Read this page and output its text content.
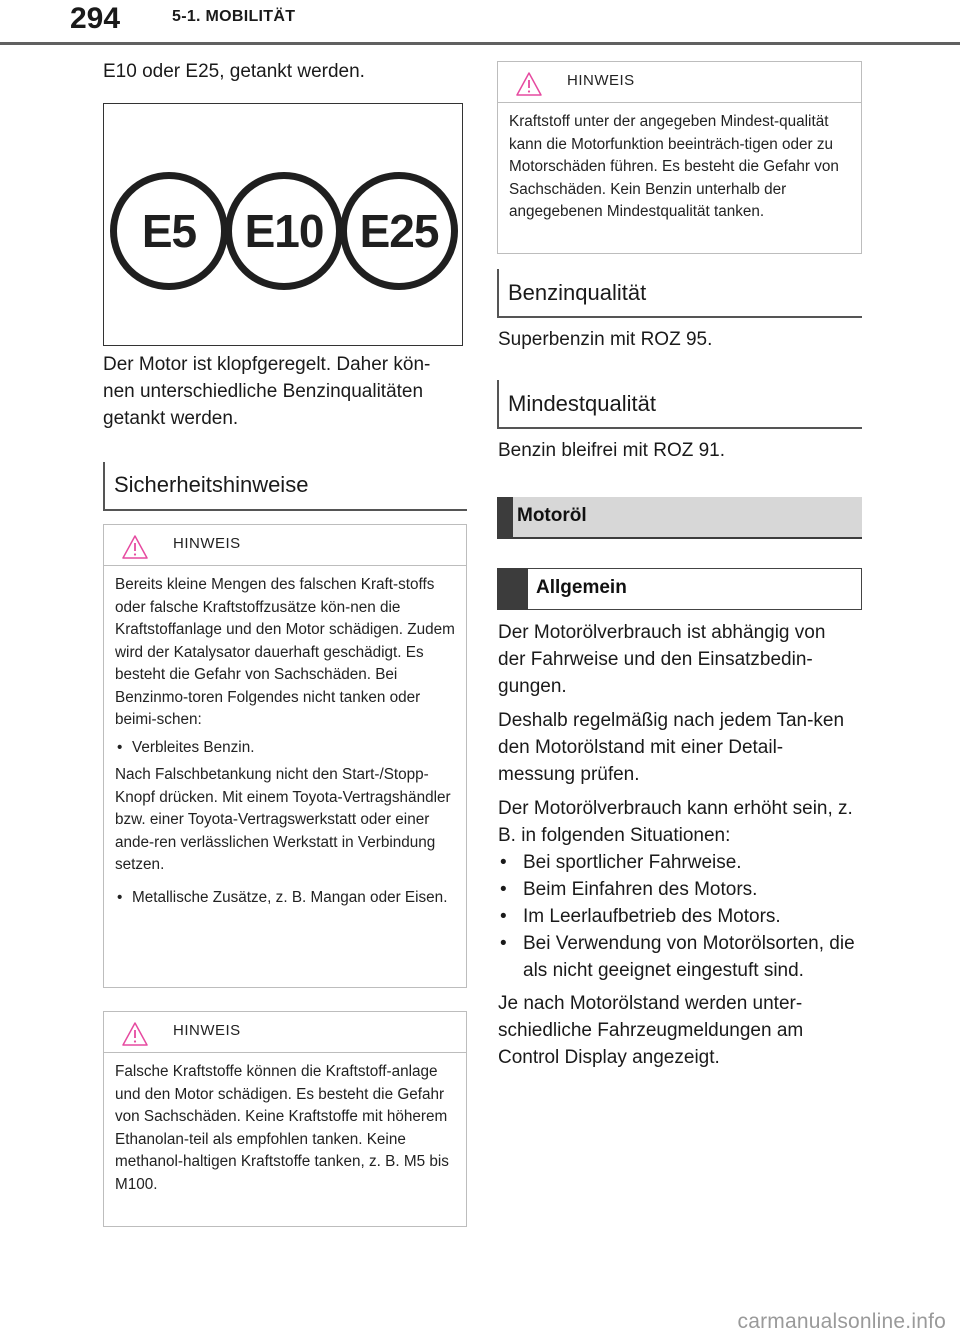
294	5-1. MOBILITÄT

E10 oder E25, getankt werden.

E5	E10 E25
Der Motor ist klopfgeregelt. Daher kön-
nen unterschiedliche Benzinqualitäten
getankt werden.
Sicherheitshinweise
HINWEIS

Bereits kleine Mengen des falschen Kraft-stoffs oder falsche Kraftstoffzusätze kön-nen die Kraftstoffanlage und den Motor schädigen. Zudem wird der Katalysator dauerhaft geschädigt. Es besteht die Gefahr von Sachschäden. Bei Benzinmo-toren Folgendes nicht tanken oder beimi-schen:

• Verbleites Benzin.

Nach Falschbetankung nicht den Start-/Stopp-Knopf drücken. Mit einem Toyota-Vertragshändler bzw. einer Toyota-Vertragswerkstatt oder einer ande-ren verlässlichen Werkstatt in Verbindung setzen.

• Metallische Zusätze, z. B. Mangan oder Eisen.
HINWEIS

Falsche Kraftstoffe können die Kraftstoff-anlage und den Motor schädigen. Es besteht die Gefahr von Sachschäden. Keine Kraftstoffe mit höherem Ethanolan-teil als empfohlen tanken. Keine methanol-haltigen Kraftstoffe tanken, z. B. M5 bis M100.

HINWEIS

Kraftstoff unter der angegeben Mindest-qualität kann die Motorfunktion beeinträch-tigen oder zu Motorschäden führen. Es besteht die Gefahr von Sachschäden. Kein Benzin unterhalb der angegebenen Mindestqualität tanken.

Benzinqualität
Superbenzin mit ROZ 95.
Mindestqualität
Benzin bleifrei mit ROZ 91.
Motoröl
Allgemein

Der Motorölverbrauch ist abhängig von der Fahrweise und den Einsatzbedin-gungen.

Deshalb regelmäßig nach jedem Tan-ken den Motorölstand mit einer Detail-messung prüfen.

Der Motorölverbrauch kann erhöht sein, z. B. in folgenden Situationen:

• Bei sportlicher Fahrweise.
• Beim Einfahren des Motors.
• Im Leerlaufbetrieb des Motors.
• Bei Verwendung von Motorölsorten, die als nicht geeignet eingestuft sind.

Je nach Motorölstand werden unter-schiedliche Fahrzeugmeldungen am Control Display angezeigt.

carmanualsonline.info
